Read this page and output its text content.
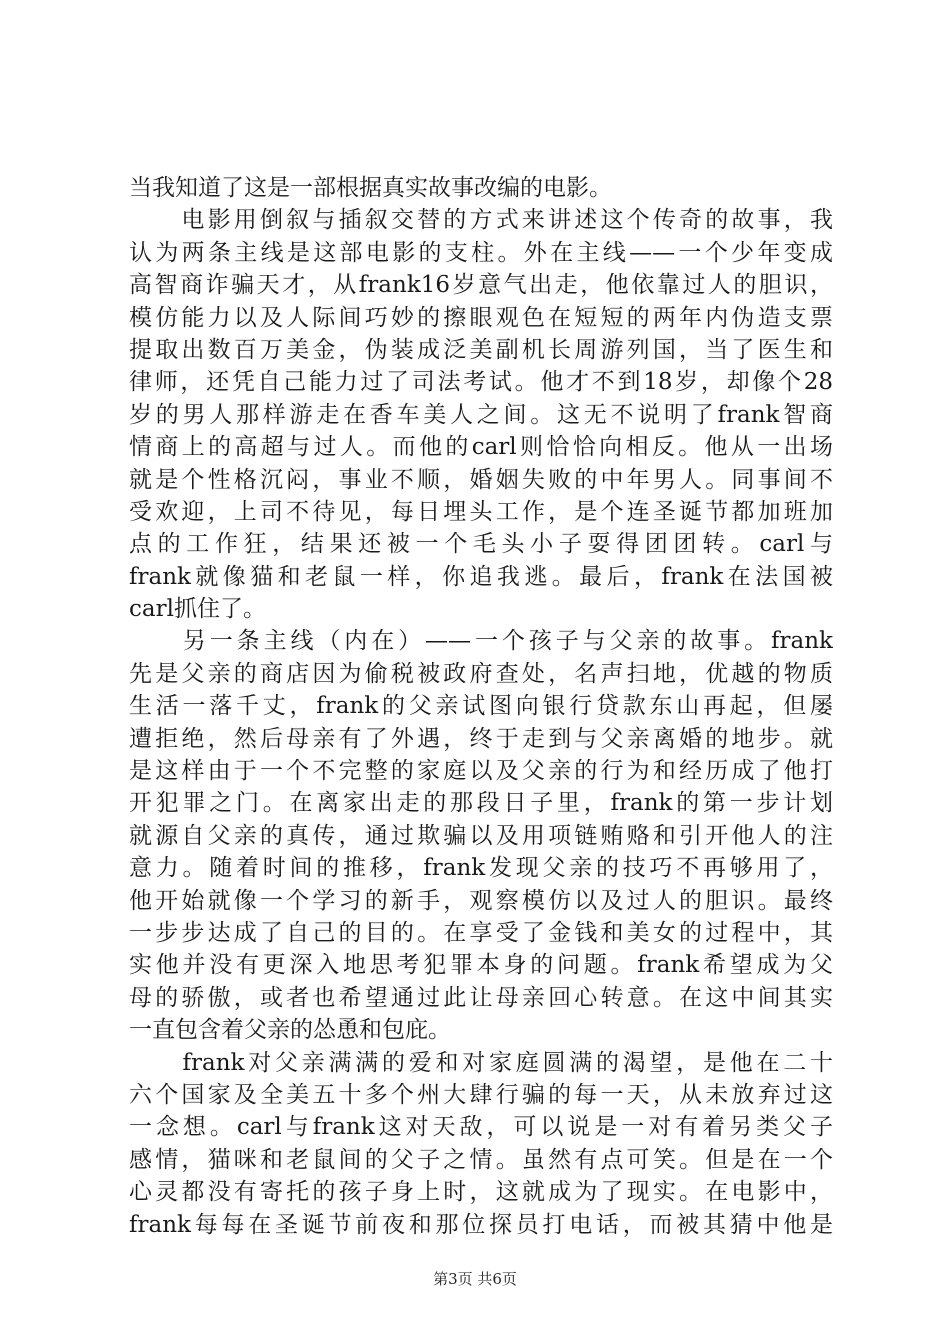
当我知道了这是一部根据真实故事改编的电影。
　　电影用倒叙与插叙交替的方式来讲述这个传奇的故事，我
认为两条主线是这部电影的支柱。外在主线——一个少年变成
高智商诈骗天才，从frank16岁意气出走，他依靠过人的胆识，
模仿能力以及人际间巧妙的擦眼观色在短短的两年内伪造支票
提取出数百万美金，伪装成泛美副机长周游列国，当了医生和
律师，还凭自己能力过了司法考试。他才不到18岁，却像个28
岁的男人那样游走在香车美人之间。这无不说明了frank智商
情商上的高超与过人。而他的carl则恰恰向相反。他从一出场
就是个性格沉闷，事业不顺，婚姻失败的中年男人。同事间不
受欢迎，上司不待见，每日埋头工作，是个连圣诞节都加班加
点的工作狂，结果还被一个毛头小子耍得团团转。carl与
frank就像猫和老鼠一样，你追我逃。最后，frank在法国被
carl抓住了。
　　另一条主线（内在）——一个孩子与父亲的故事。frank
先是父亲的商店因为偷税被政府查处，名声扫地，优越的物质
生活一落千丈，frank的父亲试图向银行贷款东山再起，但屡
遭拒绝，然后母亲有了外遇，终于走到与父亲离婚的地步。就
是这样由于一个不完整的家庭以及父亲的行为和经历成了他打
开犯罪之门。在离家出走的那段日子里，frank的第一步计划
就源自父亲的真传，通过欺骗以及用项链贿赂和引开他人的注
意力。随着时间的推移，frank发现父亲的技巧不再够用了，
他开始就像一个学习的新手，观察模仿以及过人的胆识。最终
一步步达成了自己的目的。在享受了金钱和美女的过程中，其
实他并没有更深入地思考犯罪本身的问题。frank希望成为父
母的骄傲，或者也希望通过此让母亲回心转意。在这中间其实
一直包含着父亲的怂恿和包庇。
　　frank对父亲满满的爱和对家庭圆满的渴望，是他在二十
六个国家及全美五十多个州大肆行骗的每一天，从未放弃过这
一念想。carl与frank这对天敌，可以说是一对有着另类父子
感情，猫咪和老鼠间的父子之情。虽然有点可笑。但是在一个
心灵都没有寄托的孩子身上时，这就成为了现实。在电影中，
frank每每在圣诞节前夜和那位探员打电话，而被其猜中他是
第3页 共6页
